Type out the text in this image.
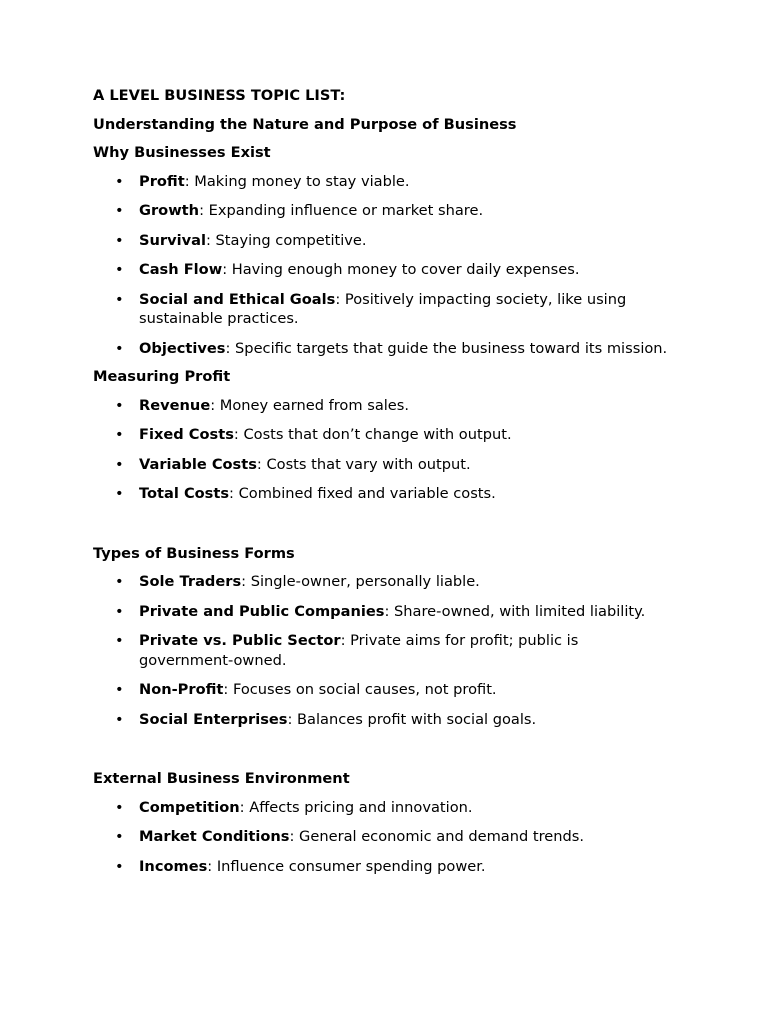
A LEVEL BUSINESS TOPIC LIST:
Understanding the Nature and Purpose of Business
Why Businesses Exist
• Profit: Making money to stay viable.
• Growth: Expanding influence or market share.
• Survival: Staying competitive.
• Cash Flow: Having enough money to cover daily expenses.
• Social and Ethical Goals: Positively impacting society, like using sustainable practices.
• Objectives: Specific targets that guide the business toward its mission.
Measuring Profit
• Revenue: Money earned from sales.
• Fixed Costs: Costs that don’t change with output.
• Variable Costs: Costs that vary with output.
• Total Costs: Combined fixed and variable costs.
Types of Business Forms
• Sole Traders: Single-owner, personally liable.
• Private and Public Companies: Share-owned, with limited liability.
• Private vs. Public Sector: Private aims for profit; public is government-owned.
• Non-Profit: Focuses on social causes, not profit.
• Social Enterprises: Balances profit with social goals.
External Business Environment
• Competition: Affects pricing and innovation.
• Market Conditions: General economic and demand trends.
• Incomes: Influence consumer spending power.
